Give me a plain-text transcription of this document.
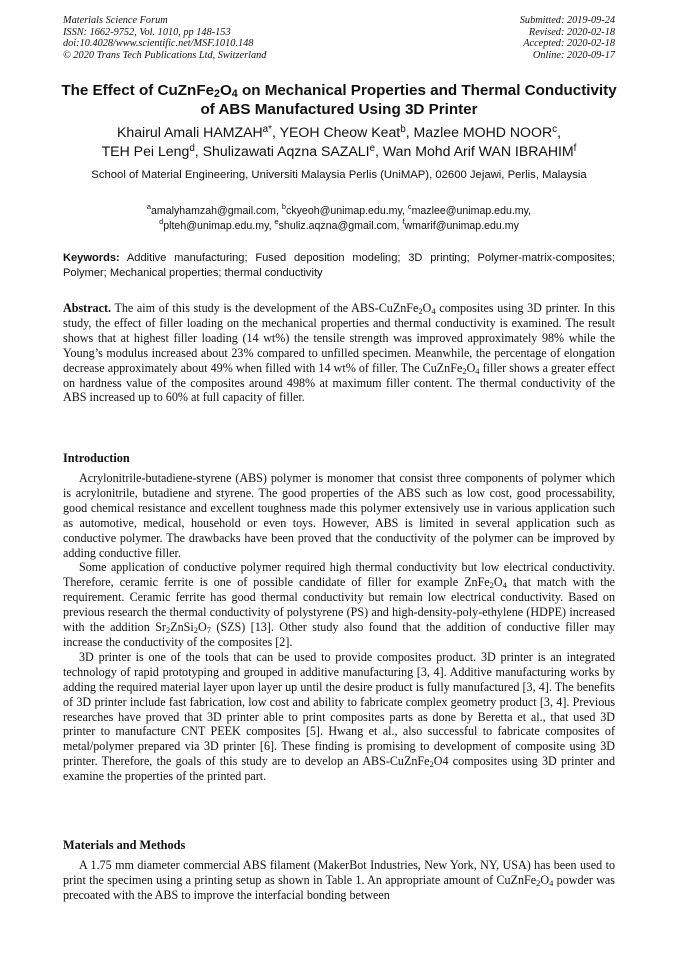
Materials Science Forum
ISSN: 1662-9752, Vol. 1010, pp 148-153
doi:10.4028/www.scientific.net/MSF.1010.148
© 2020 Trans Tech Publications Ltd, Switzerland
Submitted: 2019-09-24
Revised: 2020-02-18
Accepted: 2020-02-18
Online: 2020-09-17
The Effect of $CuZnFe_2O_4$ on Mechanical Properties and Thermal Conductivity of ABS Manufactured Using 3D Printer
Khairul Amali $HAMZAH^{a*}$, YEOH Cheow Keat$^b$, Mazlee MOHD NOOR$^c$,
TEH Pei Leng$^d$, Shulizawati Aqzna SAZALI$^e$, Wan Mohd Arif WAN IBRAHIM$^f$
School of Material Engineering, Universiti Malaysia Perlis (UniMAP), 02600 Jejawi, Perlis, Malaysia
$^a$amalyhamzah@gmail.com, $^b$ckyeoh@unimap.edu.my, $^c$mazlee@unimap.edu.my,
$^d$plteh@unimap.edu.my, $^e$shuliz.aqzna@gmail.com, $^f$wmarif@unimap.edu.my
Keywords: Additive manufacturing; Fused deposition modeling; 3D printing; Polymer-matrix-composites; Polymer; Mechanical properties; thermal conductivity
Abstract. The aim of this study is the development of the ABS-$CuZnFe_2O_4$ composites using 3D printer. In this study, the effect of filler loading on the mechanical properties and thermal conductivity is examined. The result shows that at highest filler loading (14 wt%) the tensile strength was improved approximately 98% while the Young’s modulus increased about 23% compared to unfilled specimen. Meanwhile, the percentage of elongation decrease approximately about 49% when filled with 14 wt% of filler. The $CuZnFe_2O_4$ filler shows a greater effect on hardness value of the composites around 498% at maximum filler content. The thermal conductivity of the ABS increased up to 60% at full capacity of filler.
Introduction

Acrylonitrile-butadiene-styrene (ABS) polymer is monomer that consist three components of polymer which is acrylonitrile, butadiene and styrene. The good properties of the ABS such as low cost, good processability, good chemical resistance and excellent toughness made this polymer extensively use in various application such as automotive, medical, household or even toys. However, ABS is limited in several application such as conductive polymer. The drawbacks have been proved that the conductivity of the polymer can be improved by adding conductive filler.

Some application of conductive polymer required high thermal conductivity but low electrical conductivity. Therefore, ceramic ferrite is one of possible candidate of filler for example $ZnFe_2O_4$ that match with the requirement. Ceramic ferrite has good thermal conductivity but remain low electrical conductivity. Based on previous research the thermal conductivity of polystyrene (PS) and high-density-poly-ethylene (HDPE) increased with the addition $Sr_2ZnSi_2O_7$ (SZS) [13]. Other study also found that the addition of conductive filler may increase the conductivity of the composites [2].

3D printer is one of the tools that can be used to provide composites product. 3D printer is an integrated technology of rapid prototyping and grouped in additive manufacturing [3, 4]. Additive manufacturing works by adding the required material layer upon layer up until the desire product is fully manufactured [3, 4]. The benefits of 3D printer include fast fabrication, low cost and ability to fabricate complex geometry product [3, 4]. Previous researches have proved that 3D printer able to print composites parts as done by Beretta et al., that used 3D printer to manufacture CNT PEEK composites [5]. Hwang et al., also successful to fabricate composites of metal/polymer prepared via 3D printer [6]. These finding is promising to development of composite using 3D printer. Therefore, the goals of this study are to develop an ABS-CuZnFe$_2$O4 composites using 3D printer and examine the properties of the printed part.

Materials and Methods

A 1.75 mm diameter commercial ABS filament (MakerBot Industries, New York, NY, USA) has been used to print the specimen using a printing setup as shown in Table 1. An appropriate amount of $CuZnFe_2O_4$ powder was precoated with the ABS to improve the interfacial bonding between
